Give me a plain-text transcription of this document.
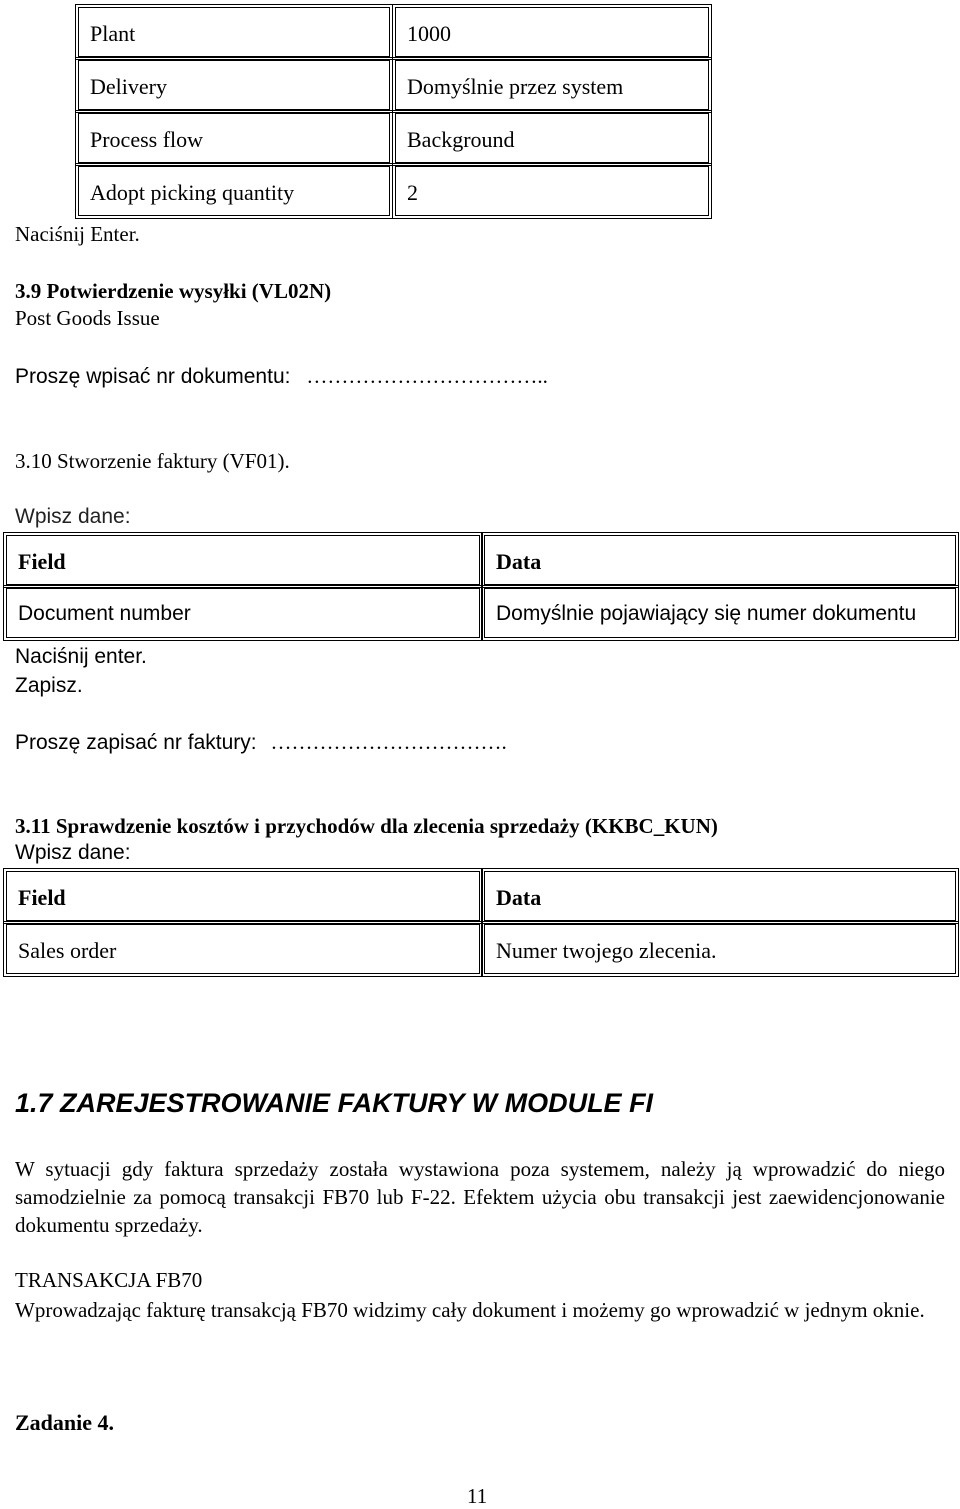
Plant	1000
Delivery	Domyślnie przez system
Process flow	Background
Adopt picking quantity	2
Naciśnij Enter.
3.9 Potwierdzenie wysyłki (VL02N)
Post Goods Issue
Proszę wpisać nr dokumentu: ……………………………..
3.10 Stworzenie faktury (VF01).
Wpisz dane:
Field	Data
Document number	Domyślnie pojawiający się numer dokumentu
Naciśnij enter.
Zapisz.
Proszę zapisać nr faktury: …………………………….
3.11 Sprawdzenie kosztów i przychodów dla zlecenia sprzedaży (KKBC_KUN)
Wpisz dane:
Field	Data
Sales order	Numer twojego zlecenia.
1.7 ZAREJESTROWANIE FAKTURY W MODULE FI
W sytuacji gdy faktura sprzedaży została wystawiona poza systemem, należy ją wprowadzić do niego samodzielnie za pomocą transakcji FB70 lub F-22. Efektem użycia obu transakcji jest zaewidencjonowanie dokumentu sprzedaży.
TRANSAKCJA FB70
Wprowadzając fakturę transakcją FB70 widzimy cały dokument i możemy go wprowadzić w jednym oknie.
Zadanie 4.
11
